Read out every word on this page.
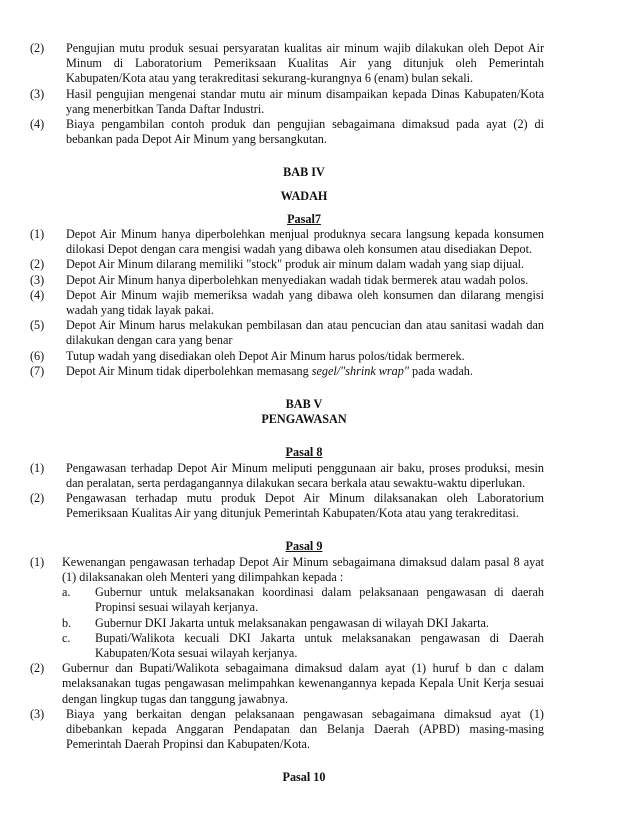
(2)	Pengujian mutu produk sesuai persyaratan kualitas air minum wajib dilakukan oleh Depot Air Minum di Laboratorium Pemeriksaan Kualitas Air yang ditunjuk oleh Pemerintah Kabupaten/Kota atau yang terakreditasi sekurang-kurangnya 6 (enam) bulan sekali.
(3)	Hasil pengujian mengenai standar mutu air minum disampaikan kepada Dinas Kabupaten/Kota yang menerbitkan Tanda Daftar Industri.
(4)	Biaya pengambilan contoh produk dan pengujian sebagaimana dimaksud pada ayat (2) di bebankan pada Depot Air Minum yang bersangkutan.
BAB IV
WADAH
Pasal7
(1)	Depot Air Minum hanya diperbolehkan menjual produknya secara langsung kepada konsumen dilokasi Depot dengan cara mengisi wadah yang dibawa oleh konsumen atau disediakan Depot.
(2)	Depot Air Minum dilarang memiliki "stock" produk air minum dalam wadah yang siap dijual.
(3)	Depot Air Minum hanya diperbolehkan menyediakan wadah tidak bermerek atau wadah polos.
(4)	Depot Air Minum wajib memeriksa wadah yang dibawa oleh konsumen dan dilarang mengisi wadah yang tidak layak pakai.
(5)	Depot Air Minum harus melakukan pembilasan dan atau pencucian dan atau sanitasi wadah dan dilakukan dengan cara yang benar
(6)	Tutup wadah yang disediakan oleh Depot Air Minum harus polos/tidak bermerek.
(7)	Depot Air Minum tidak diperbolehkan memasang segel/"shrink wrap" pada wadah.
BAB V
PENGAWASAN
Pasal 8
(1)	Pengawasan terhadap Depot Air Minum meliputi penggunaan air baku, proses produksi, mesin dan peralatan, serta perdagangannya dilakukan secara berkala atau sewaktu-waktu diperlukan.
(2)	Pengawasan terhadap mutu produk Depot Air Minum dilaksanakan oleh Laboratorium Pemeriksaan Kualitas Air yang ditunjuk Pemerintah Kabupaten/Kota atau yang terakreditasi.
Pasal 9
(1)	Kewenangan pengawasan terhadap Depot Air Minum sebagaimana dimaksud dalam pasal 8 ayat (1) dilaksanakan oleh Menteri yang dilimpahkan kepada :
a.	Gubernur untuk melaksanakan koordinasi dalam pelaksanaan pengawasan di daerah Propinsi sesuai wilayah kerjanya.
b.	Gubernur DKI Jakarta untuk melaksanakan pengawasan di wilayah DKI Jakarta.
c.	Bupati/Walikota kecuali DKI Jakarta untuk melaksanakan pengawasan di Daerah Kabupaten/Kota sesuai wilayah kerjanya.
(2)	Gubernur dan Bupati/Walikota sebagaimana dimaksud dalam ayat (1) huruf b dan c dalam melaksanakan tugas pengawasan melimpahkan kewenangannya kepada Kepala Unit Kerja sesuai dengan lingkup tugas dan tanggung jawabnya.
(3)	Biaya yang berkaitan dengan pelaksanaan pengawasan sebagaimana dimaksud ayat (1) dibebankan kepada Anggaran Pendapatan dan Belanja Daerah (APBD) masing-masing Pemerintah Daerah Propinsi dan Kabupaten/Kota.
Pasal 10
